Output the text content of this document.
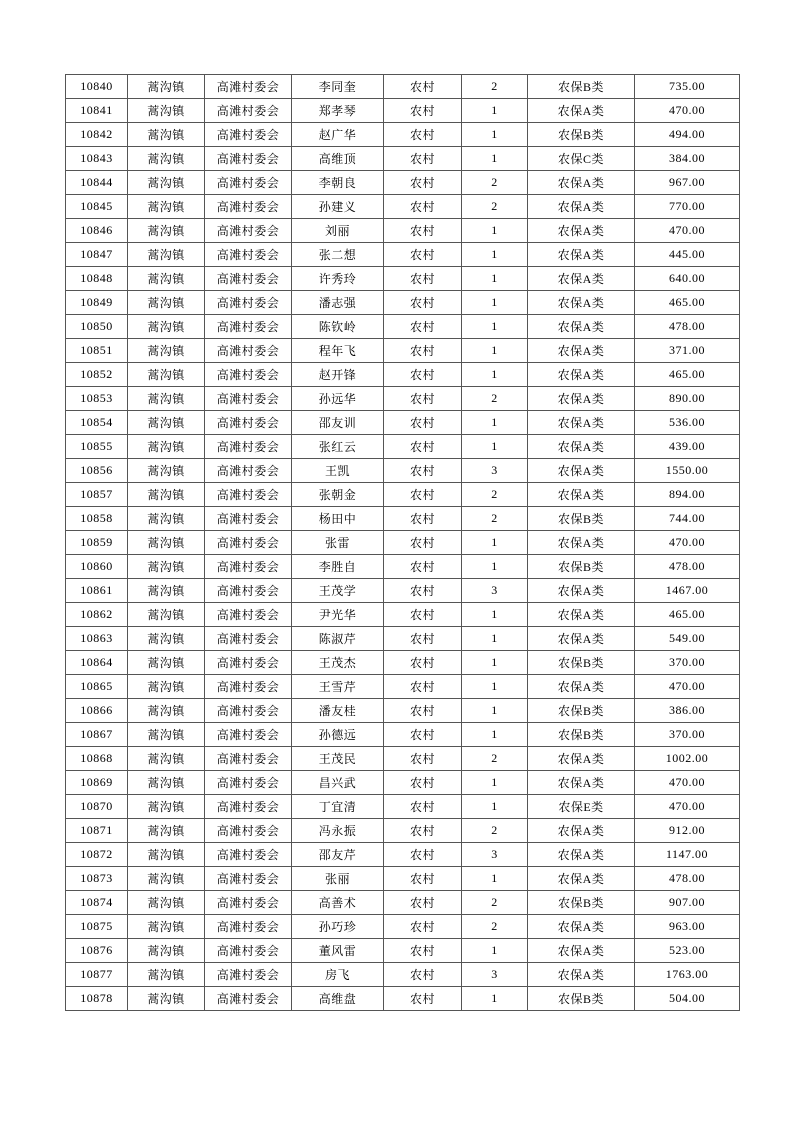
10840	蒿沟镇	高滩村委会	李同奎	农村	2	农保B类	735.00
10841	蒿沟镇	高滩村委会	郑孝琴	农村	1	农保A类	470.00
10842	蒿沟镇	高滩村委会	赵广华	农村	1	农保B类	494.00
10843	蒿沟镇	高滩村委会	高维顶	农村	1	农保C类	384.00
10844	蒿沟镇	高滩村委会	李朝良	农村	2	农保A类	967.00
10845	蒿沟镇	高滩村委会	孙建义	农村	2	农保A类	770.00
10846	蒿沟镇	高滩村委会	刘丽	农村	1	农保A类	470.00
10847	蒿沟镇	高滩村委会	张二想	农村	1	农保A类	445.00
10848	蒿沟镇	高滩村委会	许秀玲	农村	1	农保A类	640.00
10849	蒿沟镇	高滩村委会	潘志强	农村	1	农保A类	465.00
10850	蒿沟镇	高滩村委会	陈钦岭	农村	1	农保A类	478.00
10851	蒿沟镇	高滩村委会	程年飞	农村	1	农保A类	371.00
10852	蒿沟镇	高滩村委会	赵开锋	农村	1	农保A类	465.00
10853	蒿沟镇	高滩村委会	孙远华	农村	2	农保A类	890.00
10854	蒿沟镇	高滩村委会	邵友训	农村	1	农保A类	536.00
10855	蒿沟镇	高滩村委会	张红云	农村	1	农保A类	439.00
10856	蒿沟镇	高滩村委会	王凯	农村	3	农保A类	1550.00
10857	蒿沟镇	高滩村委会	张朝金	农村	2	农保A类	894.00
10858	蒿沟镇	高滩村委会	杨田中	农村	2	农保B类	744.00
10859	蒿沟镇	高滩村委会	张雷	农村	1	农保A类	470.00
10860	蒿沟镇	高滩村委会	李胜自	农村	1	农保B类	478.00
10861	蒿沟镇	高滩村委会	王茂学	农村	3	农保A类	1467.00
10862	蒿沟镇	高滩村委会	尹光华	农村	1	农保A类	465.00
10863	蒿沟镇	高滩村委会	陈淑芹	农村	1	农保A类	549.00
10864	蒿沟镇	高滩村委会	王茂杰	农村	1	农保B类	370.00
10865	蒿沟镇	高滩村委会	王雪芹	农村	1	农保A类	470.00
10866	蒿沟镇	高滩村委会	潘友桂	农村	1	农保B类	386.00
10867	蒿沟镇	高滩村委会	孙德远	农村	1	农保B类	370.00
10868	蒿沟镇	高滩村委会	王茂民	农村	2	农保A类	1002.00
10869	蒿沟镇	高滩村委会	昌兴武	农村	1	农保A类	470.00
10870	蒿沟镇	高滩村委会	丁宜清	农村	1	农保E类	470.00
10871	蒿沟镇	高滩村委会	冯永振	农村	2	农保A类	912.00
10872	蒿沟镇	高滩村委会	邵友芹	农村	3	农保A类	1147.00
10873	蒿沟镇	高滩村委会	张丽	农村	1	农保A类	478.00
10874	蒿沟镇	高滩村委会	高善术	农村	2	农保B类	907.00
10875	蒿沟镇	高滩村委会	孙巧珍	农村	2	农保A类	963.00
10876	蒿沟镇	高滩村委会	董风雷	农村	1	农保A类	523.00
10877	蒿沟镇	高滩村委会	房飞	农村	3	农保A类	1763.00
10878	蒿沟镇	高滩村委会	高维盘	农村	1	农保B类	504.00
